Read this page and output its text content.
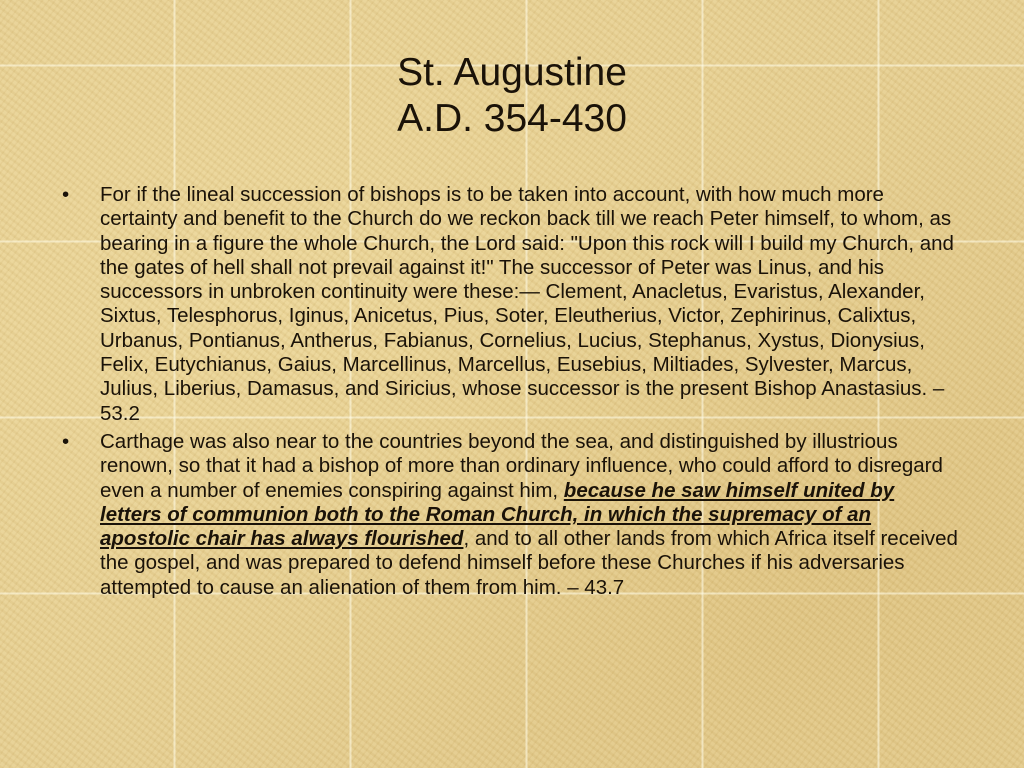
St. Augustine
A.D. 354-430
•	For if the lineal succession of bishops is to be taken into account, with how much more certainty and benefit to the Church do we reckon back till we reach Peter himself, to whom, as bearing in a figure the whole Church, the Lord said: "Upon this rock will I build my Church, and the gates of hell shall not prevail against it!" The successor of Peter was Linus, and his successors in unbroken continuity were these:— Clement, Anacletus, Evaristus, Alexander, Sixtus, Telesphorus, Iginus, Anicetus, Pius, Soter, Eleutherius, Victor, Zephirinus, Calixtus, Urbanus, Pontianus, Antherus, Fabianus, Cornelius, Lucius, Stephanus, Xystus, Dionysius, Felix, Eutychianus, Gaius, Marcellinus, Marcellus, Eusebius, Miltiades, Sylvester, Marcus, Julius, Liberius, Damasus, and Siricius, whose successor is the present Bishop Anastasius. – 53.2
•	Carthage was also near to the countries beyond the sea, and distinguished by illustrious renown, so that it had a bishop of more than ordinary influence, who could afford to disregard even a number of enemies conspiring against him, because he saw himself united by letters of communion both to the Roman Church, in which the supremacy of an apostolic chair has always flourished, and to all other lands from which Africa itself received the gospel, and was prepared to defend himself before these Churches if his adversaries attempted to cause an alienation of them from him. – 43.7
